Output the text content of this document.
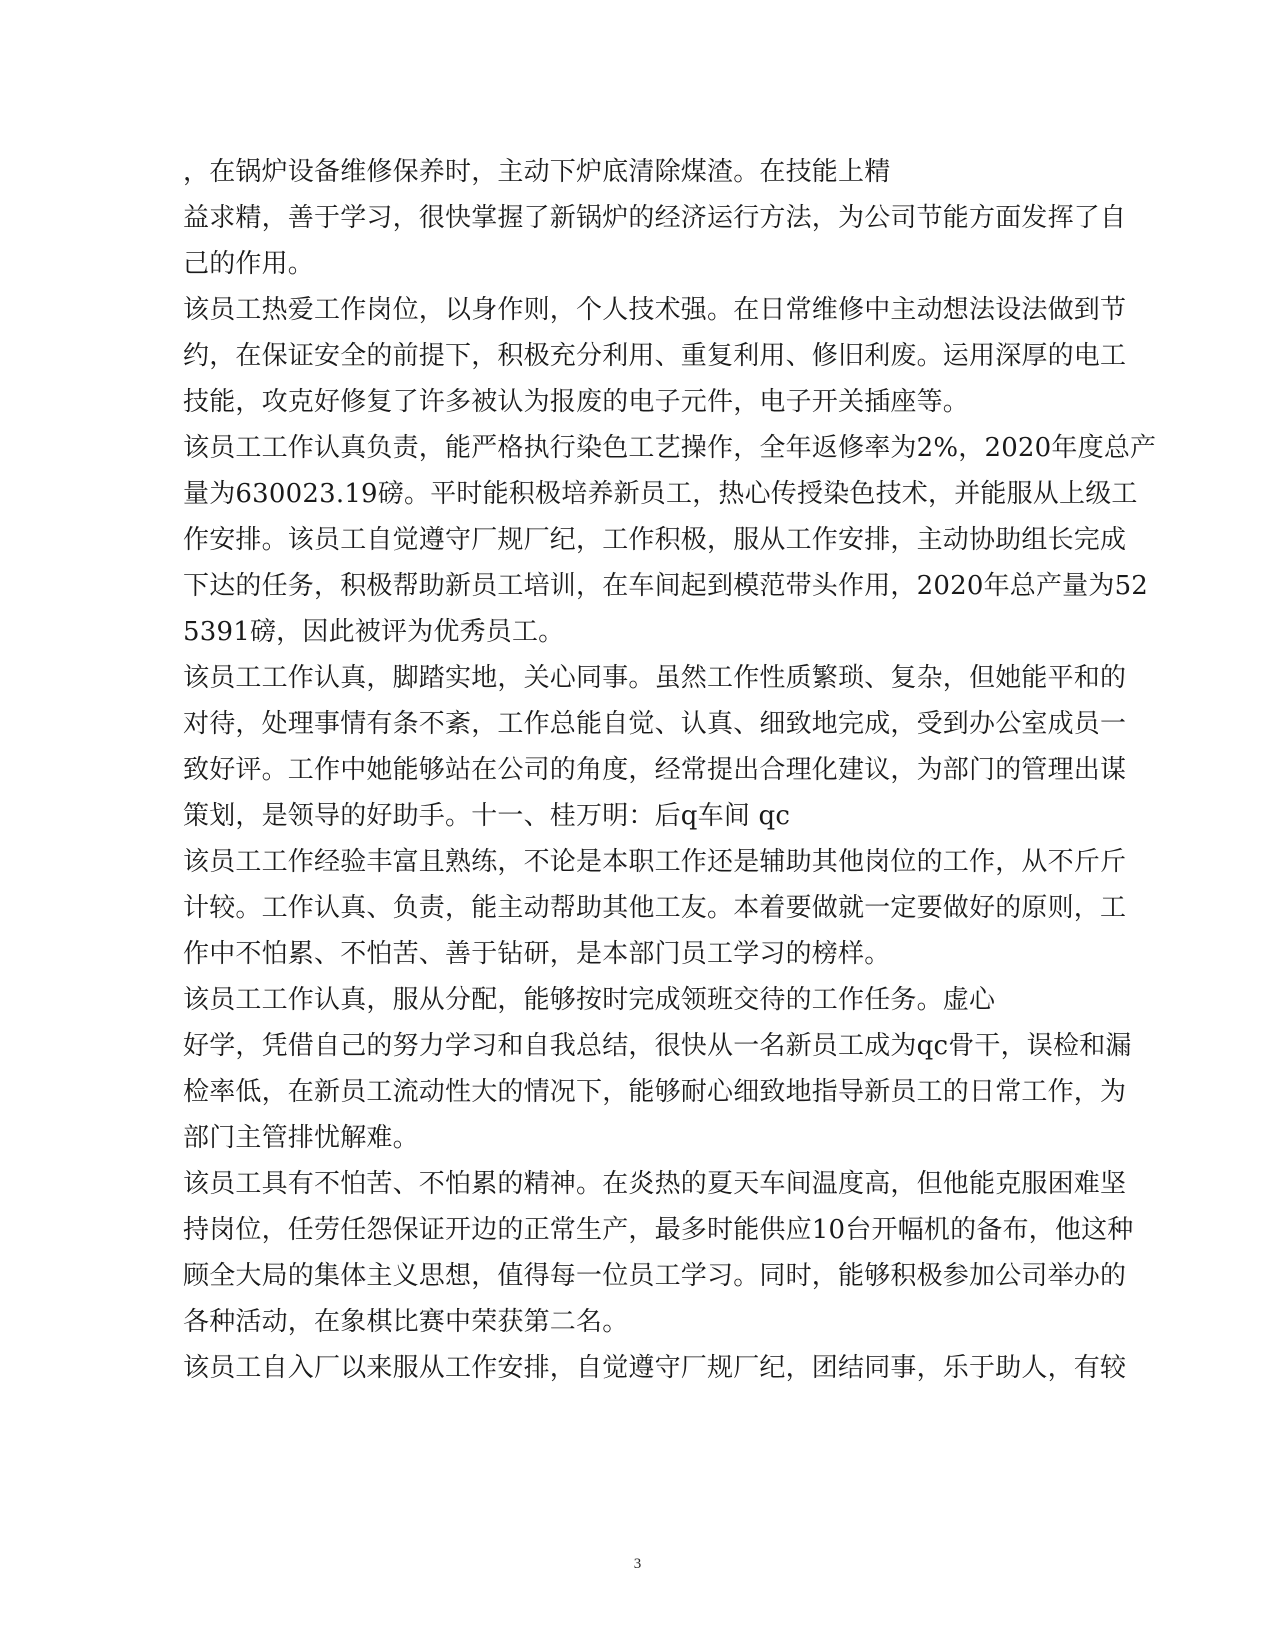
，在锅炉设备维修保养时，主动下炉底清除煤渣。在技能上精
益求精，善于学习，很快掌握了新锅炉的经济运行方法，为公司节能方面发挥了自
己的作用。
该员工热爱工作岗位，以身作则，个人技术强。在日常维修中主动想法设法做到节
约，在保证安全的前提下，积极充分利用、重复利用、修旧利废。运用深厚的电工
技能，攻克好修复了许多被认为报废的电子元件，电子开关插座等。
该员工工作认真负责，能严格执行染色工艺操作，全年返修率为2%，2020年度总产
量为630023.19磅。平时能积极培养新员工，热心传授染色技术，并能服从上级工
作安排。该员工自觉遵守厂规厂纪，工作积极，服从工作安排，主动协助组长完成
下达的任务，积极帮助新员工培训，在车间起到模范带头作用，2020年总产量为52
5391磅，因此被评为优秀员工。
该员工工作认真，脚踏实地，关心同事。虽然工作性质繁琐、复杂，但她能平和的
对待，处理事情有条不紊，工作总能自觉、认真、细致地完成，受到办公室成员一
致好评。工作中她能够站在公司的角度，经常提出合理化建议，为部门的管理出谋
策划，是领导的好助手。十一、桂万明：后q车间 qc
该员工工作经验丰富且熟练，不论是本职工作还是辅助其他岗位的工作，从不斤斤
计较。工作认真、负责，能主动帮助其他工友。本着要做就一定要做好的原则，工
作中不怕累、不怕苦、善于钻研，是本部门员工学习的榜样。
该员工工作认真，服从分配，能够按时完成领班交待的工作任务。虚心
好学，凭借自己的努力学习和自我总结，很快从一名新员工成为qc骨干，误检和漏
检率低，在新员工流动性大的情况下，能够耐心细致地指导新员工的日常工作，为
部门主管排忧解难。
该员工具有不怕苦、不怕累的精神。在炎热的夏天车间温度高，但他能克服困难坚
持岗位，任劳任怨保证开边的正常生产，最多时能供应10台开幅机的备布，他这种
顾全大局的集体主义思想，值得每一位员工学习。同时，能够积极参加公司举办的
各种活动，在象棋比赛中荣获第二名。
该员工自入厂以来服从工作安排，自觉遵守厂规厂纪，团结同事，乐于助人，有较
3
